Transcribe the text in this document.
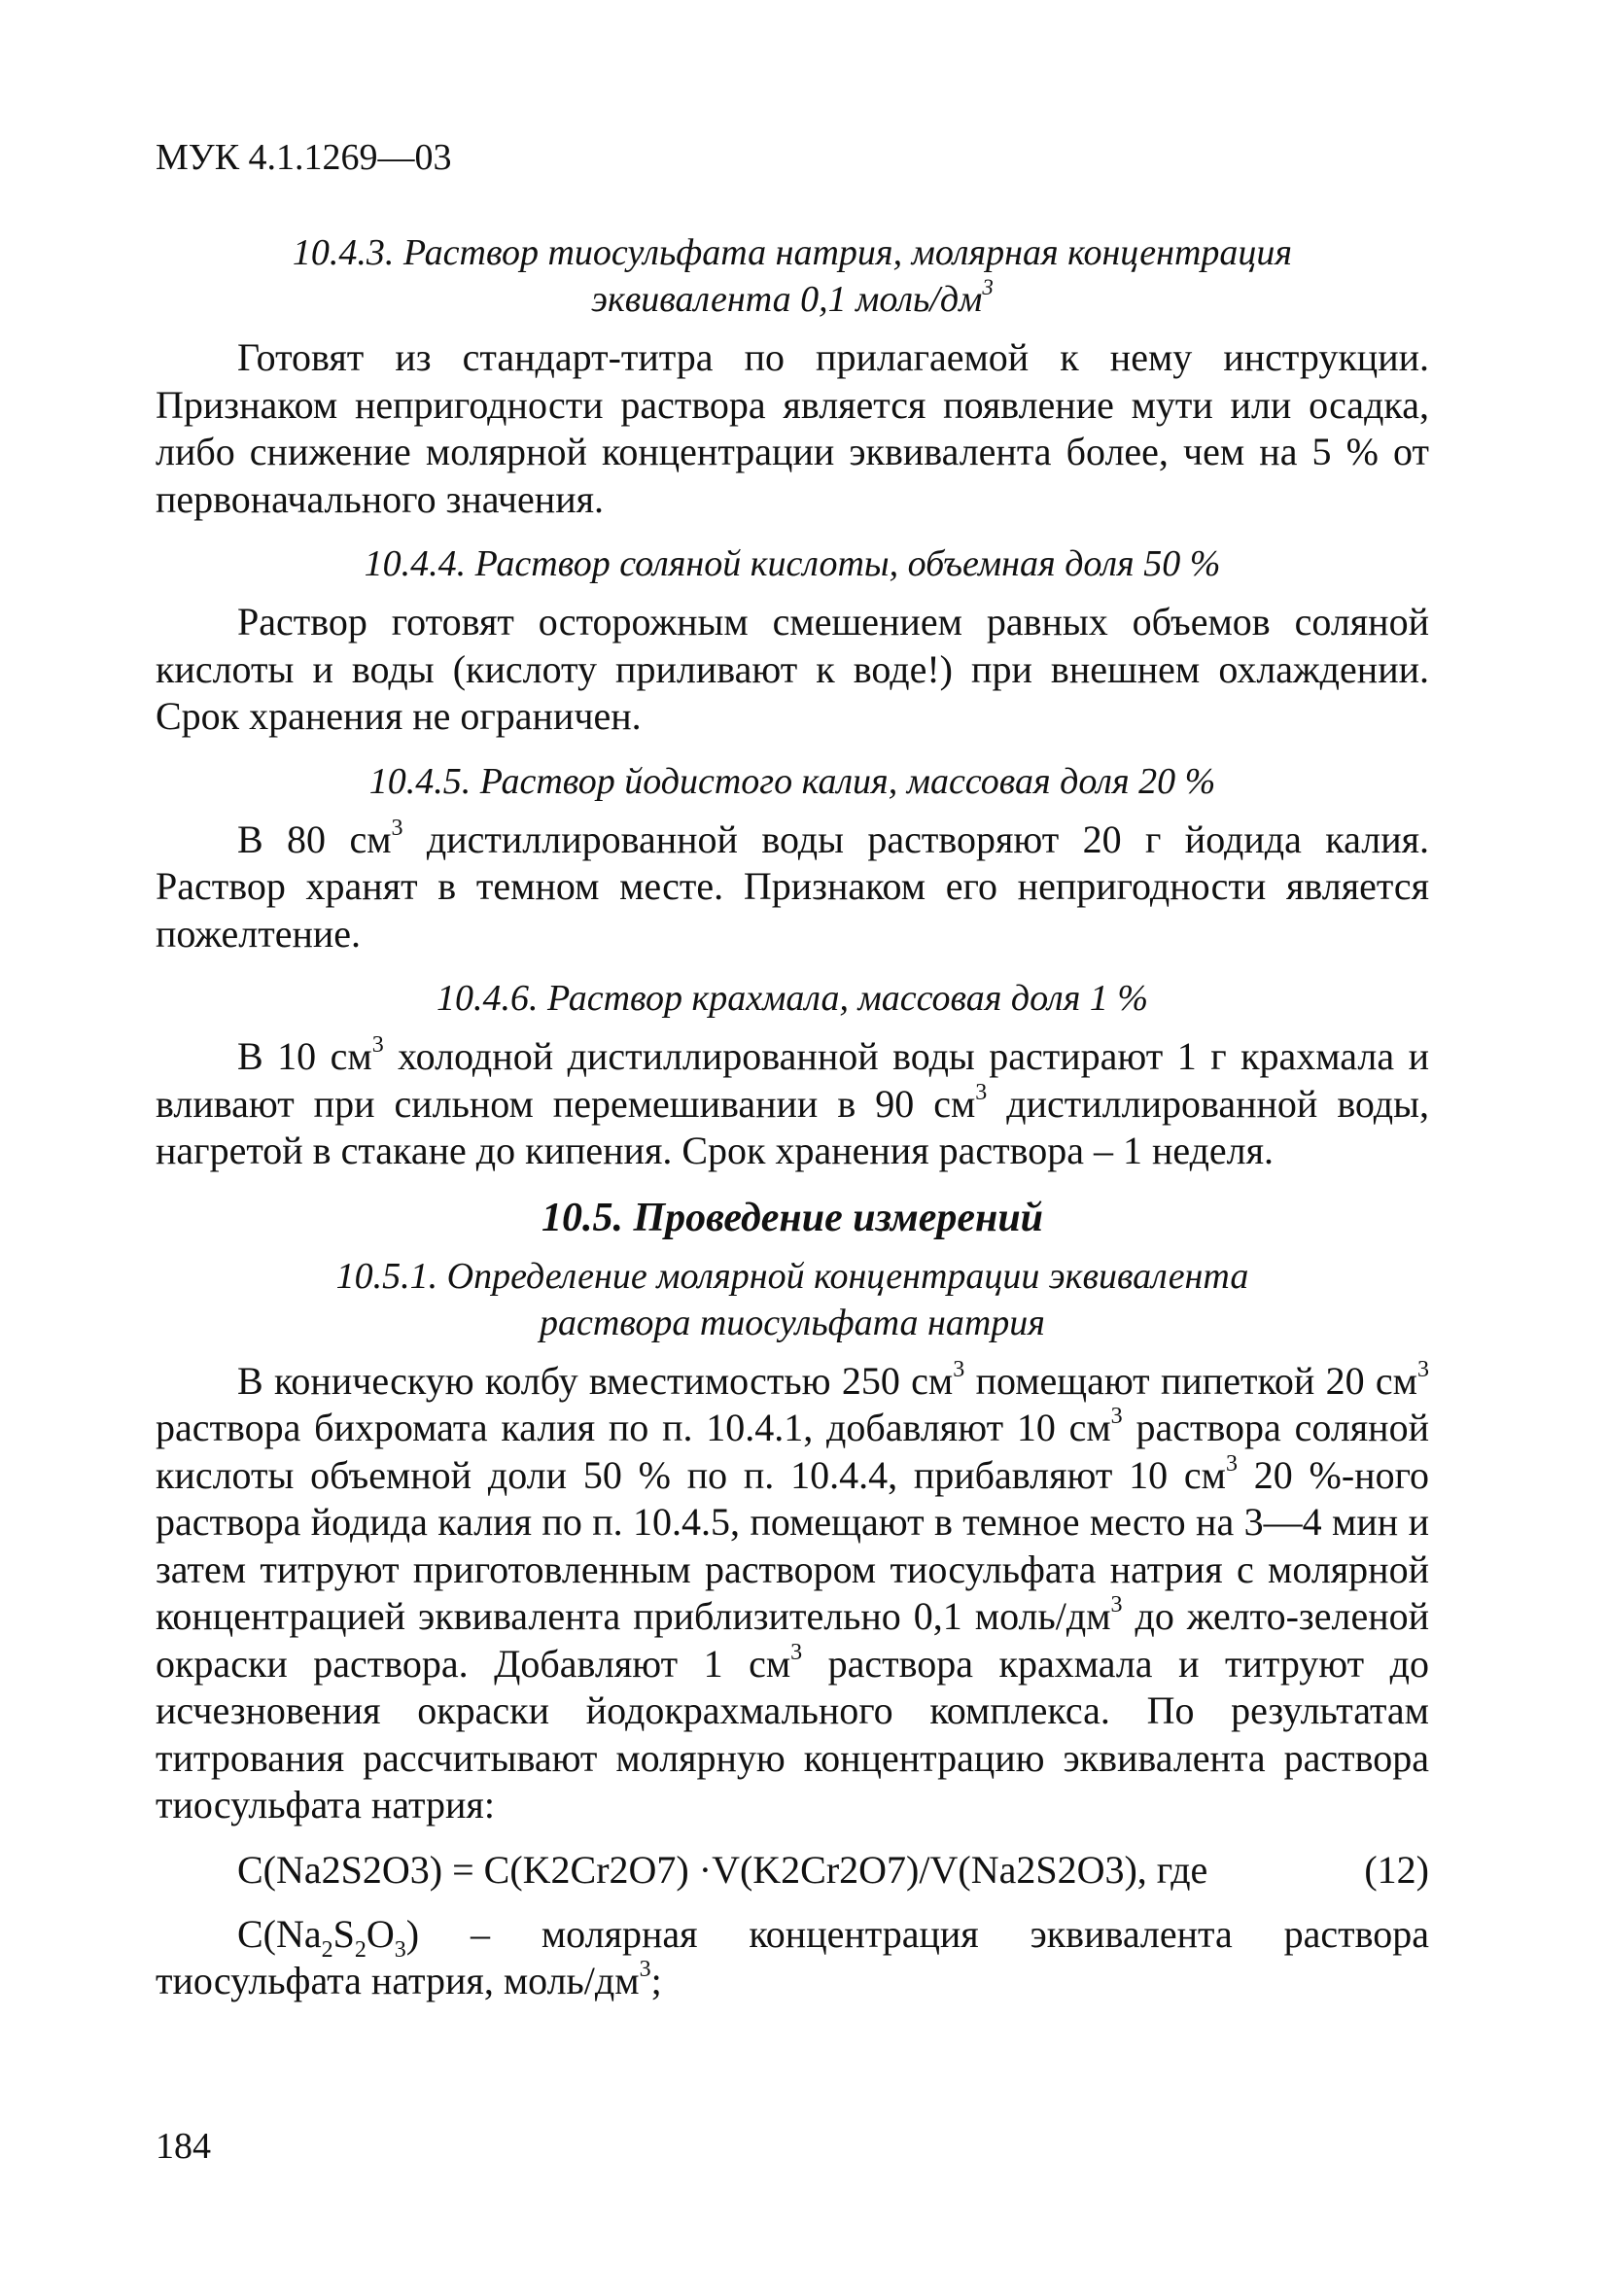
МУК 4.1.1269—03
10.4.3. Раствор тиосульфата натрия, молярная концентрация
эквивалента 0,1 моль/$дм^3$

Готовят из стандарт-титра по прилагаемой к нему инструкции. Признаком непригодности раствора является появление мути или осадка, либо снижение молярной концентрации эквивалента более, чем на 5 % от первоначального значения.

10.4.4. Раствор соляной кислоты, объемная доля 50 %

Раствор готовят осторожным смешением равных объемов соляной кислоты и воды (кислоту приливают к воде!) при внешнем охлаждении. Срок хранения не ограничен.

10.4.5. Раствор йодистого калия, массовая доля 20 %

В 80 $см^3$ дистиллированной воды растворяют 20 г йодида калия. Раствор хранят в темном месте. Признаком его непригодности является пожелтение.

10.4.6. Раствор крахмала, массовая доля 1 %

В 10 $см^3$ холодной дистиллированной воды растирают 1 г крахмала и вливают при сильном перемешивании в 90 $см^3$ дистиллированной воды, нагретой в стакане до кипения. Срок хранения раствора – 1 неделя.

10.5. Проведение измерений
10.5.1. Определение молярной концентрации эквивалента
раствора тиосульфата натрия

В коническую колбу вместимостью 250 $см^3$ помещают пипеткой 20 $см^3$ раствора бихромата калия по п. 10.4.1, добавляют 10 $см^3$ раствора соляной кислоты объемной доли 50 % по п. 10.4.4, прибавляют 10 $см^3$ 20 %-ного раствора йодида калия по п. 10.4.5, помещают в темное место на 3—4 мин и затем титруют приготовленным раствором тиосульфата натрия с молярной концентрацией эквивалента приблизительно 0,1 моль/$дм^3$ до желто-зеленой окраски раствора. Добавляют 1 $см^3$ раствора крахмала и титруют до исчезновения окраски йодокрахмального комплекса. По результатам титрования рассчитывают молярную концентрацию эквивалента раствора тиосульфата натрия:

C(Na2S2O3) = C(K2Cr2O7) ·V(K2Cr2O7)/V(Na2S2O3), где	(12)

$C(Na_2S_2O_3)$ – молярная концентрация эквивалента раствора тиосульфата натрия, моль/$дм^3$;

184
